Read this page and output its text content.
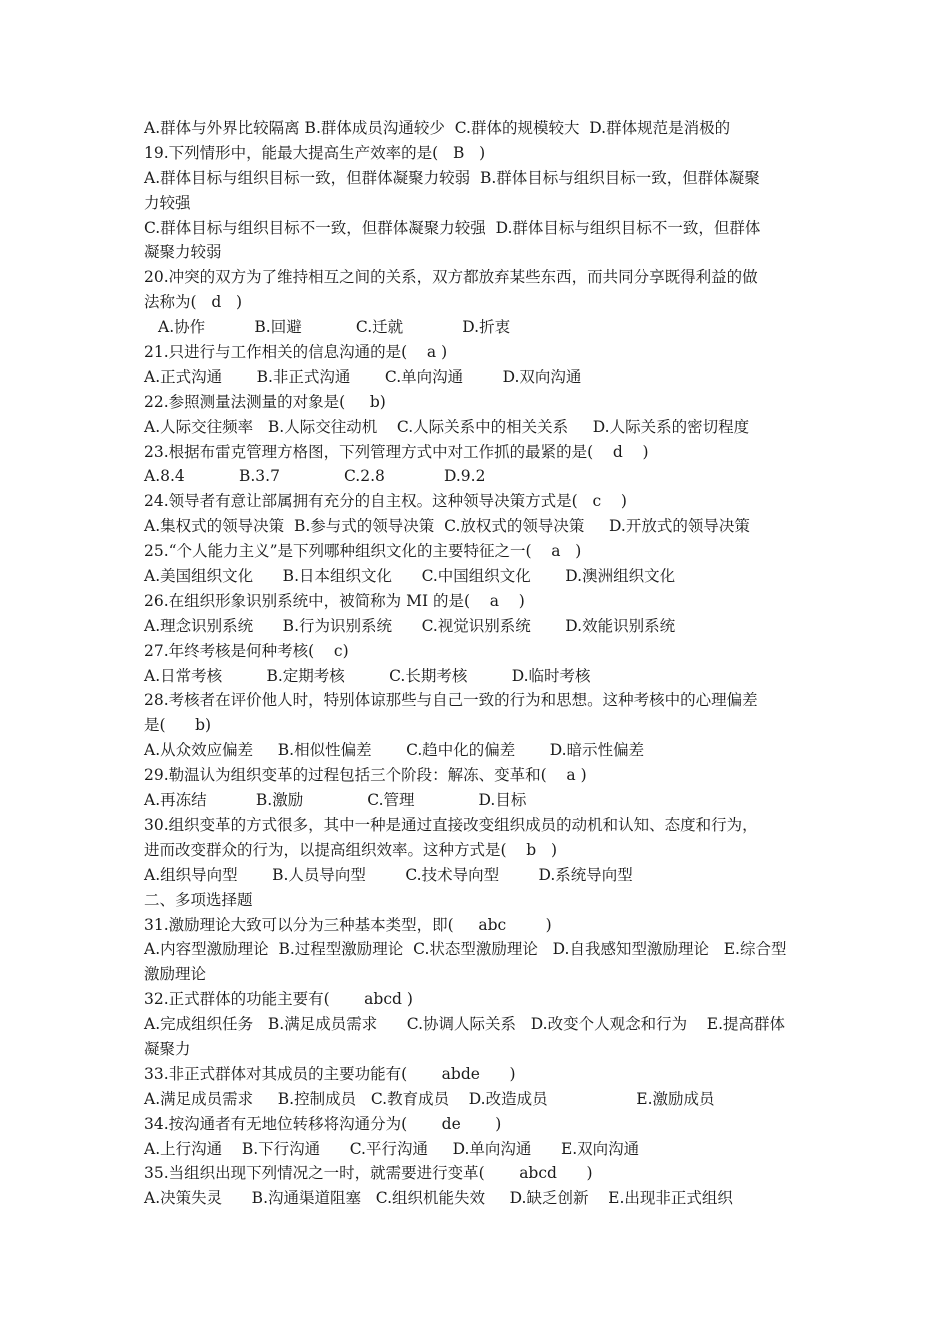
A.群体与外界比较隔离 B.群体成员沟通较少  C.群体的规模较大  D.群体规范是消极的
19.下列情形中，能最大提高生产效率的是(   B   )
A.群体目标与组织目标一致，但群体凝聚力较弱  B.群体目标与组织目标一致，但群体凝聚
力较强
C.群体目标与组织目标不一致，但群体凝聚力较强  D.群体目标与组织目标不一致，但群体
凝聚力较弱
20.冲突的双方为了维持相互之间的关系，双方都放弃某些东西，而共同分享既得利益的做
法称为(   d   )
A.协作          B.回避           C.迁就            D.折衷
21.只进行与工作相关的信息沟通的是(    a )
A.正式沟通       B.非正式沟通       C.单向沟通        D.双向沟通
22.参照测量法测量的对象是(     b)
A.人际交往频率   B.人际交往动机    C.人际关系中的相关关系     D.人际关系的密切程度
23.根据布雷克管理方格图，下列管理方式中对工作抓的最紧的是(    d    )
A.8.4           B.3.7             C.2.8            D.9.2
24.领导者有意让部属拥有充分的自主权。这种领导决策方式是(   c    )
A.集权式的领导决策  B.参与式的领导决策  C.放权式的领导决策     D.开放式的领导决策
25.“个人能力主义”是下列哪种组织文化的主要特征之一(    a   )
A.美国组织文化      B.日本组织文化      C.中国组织文化       D.澳洲组织文化
26.在组织形象识别系统中，被简称为 MI 的是(    a    )
A.理念识别系统      B.行为识别系统      C.视觉识别系统       D.效能识别系统
27.年终考核是何种考核(    c)
A.日常考核         B.定期考核         C.长期考核         D.临时考核
28.考核者在评价他人时，特别体谅那些与自己一致的行为和思想。这种考核中的心理偏差
是(      b)
A.从众效应偏差     B.相似性偏差       C.趋中化的偏差       D.暗示性偏差
29.勒温认为组织变革的过程包括三个阶段：解冻、变革和(    a )
A.再冻结          B.激励             C.管理             D.目标
30.组织变革的方式很多，其中一种是通过直接改变组织成员的动机和认知、态度和行为，
进而改变群众的行为，以提高组织效率。这种方式是(    b   )
A.组织导向型       B.人员导向型        C.技术导向型        D.系统导向型
二、多项选择题
31.激励理论大致可以分为三种基本类型，即(     abc        )
A.内容型激励理论  B.过程型激励理论  C.状态型激励理论   D.自我感知型激励理论   E.综合型
激励理论
32.正式群体的功能主要有(       abcd )
A.完成组织任务   B.满足成员需求      C.协调人际关系   D.改变个人观念和行为    E.提高群体
凝聚力
33.非正式群体对其成员的主要功能有(       abde      )
A.满足成员需求     B.控制成员   C.教育成员    D.改造成员                  E.激励成员
34.按沟通者有无地位转移将沟通分为(       de       )
A.上行沟通    B.下行沟通      C.平行沟通     D.单向沟通      E.双向沟通
35.当组织出现下列情况之一时，就需要进行变革(       abcd      )
A.决策失灵      B.沟通渠道阻塞   C.组织机能失效     D.缺乏创新    E.出现非正式组织
